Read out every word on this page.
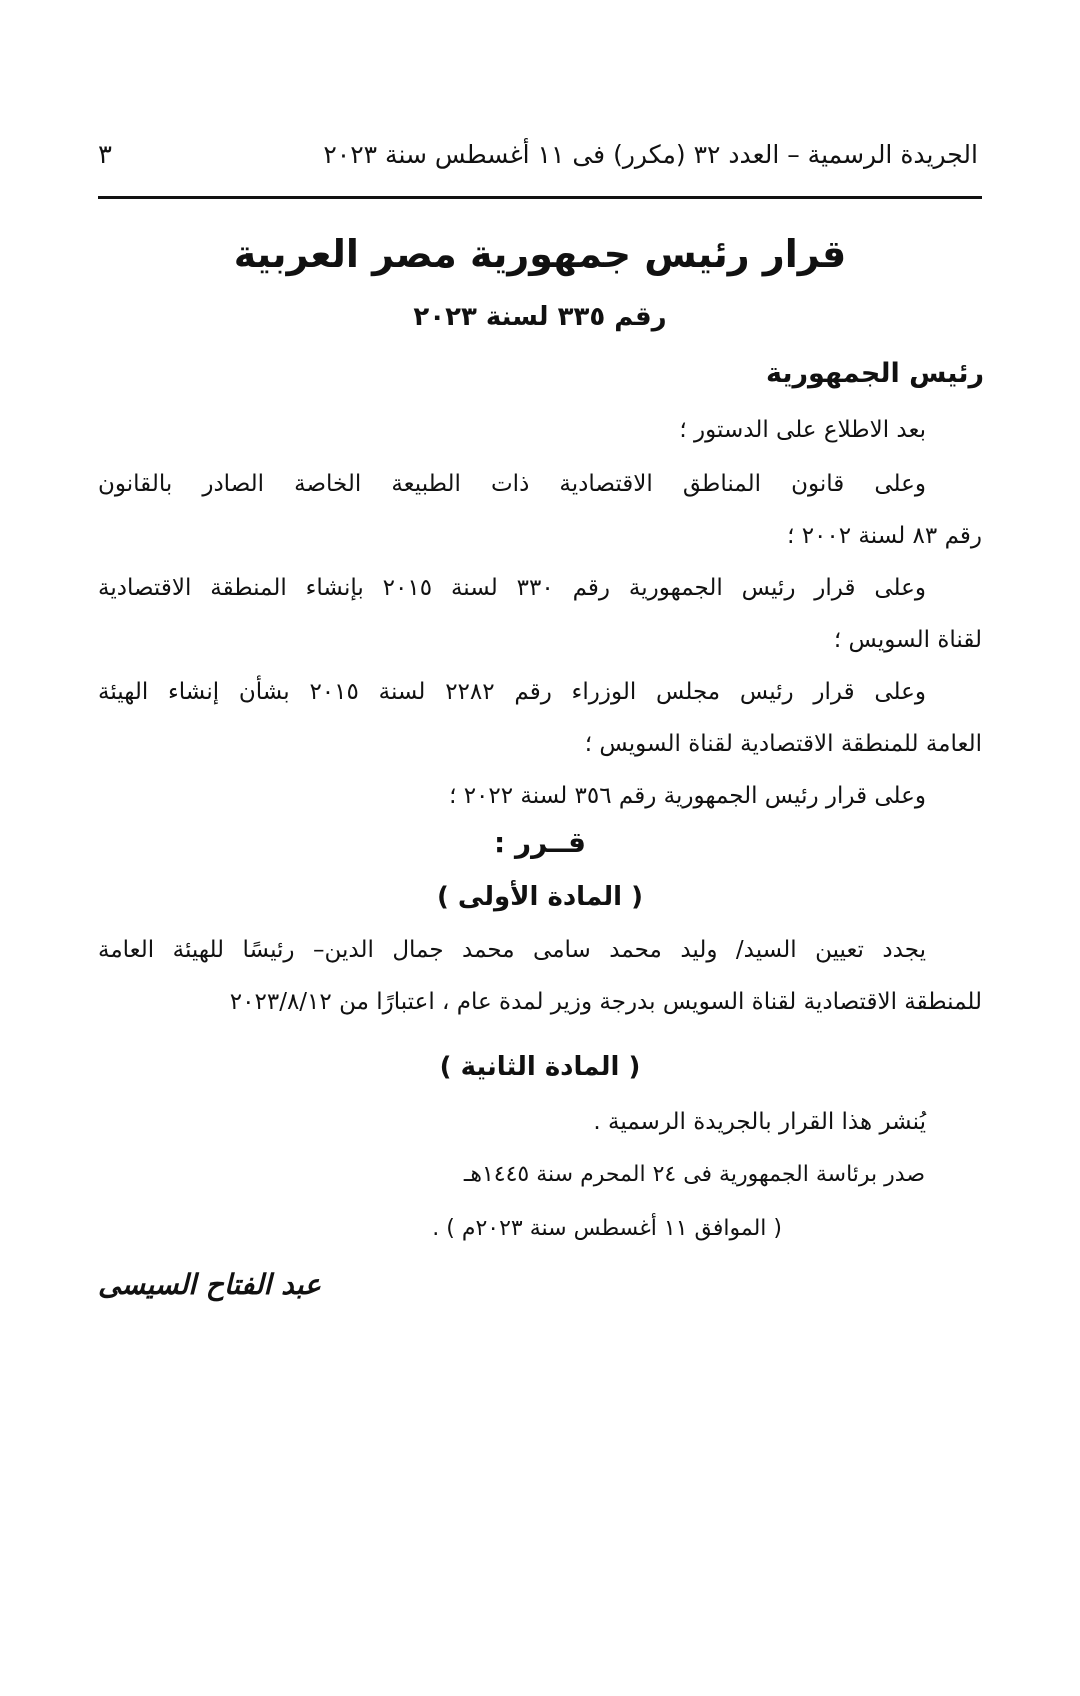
الجريدة الرسمية – العدد ٣٢ (مكرر) فى ١١ أغسطس سنة ٢٠٢٣
٣
قرار رئيس جمهورية مصر العربية
رقم ٣٣٥ لسنة ٢٠٢٣
رئيس الجمهورية

بعد الاطلاع على الدستور ؛

وعلى قانون المناطق الاقتصادية ذات الطبيعة الخاصة الصادر بالقانون

رقم ٨٣ لسنة ٢٠٠٢ ؛

وعلى قرار رئيس الجمهورية رقم ٣٣٠ لسنة ٢٠١٥ بإنشاء المنطقة الاقتصادية

لقناة السويس ؛

وعلى قرار رئيس مجلس الوزراء رقم ٢٢٨٢ لسنة ٢٠١٥ بشأن إنشاء الهيئة

العامة للمنطقة الاقتصادية لقناة السويس ؛

وعلى قرار رئيس الجمهورية رقم ٣٥٦ لسنة ٢٠٢٢ ؛

قــرر :
( المادة الأولى )

يجدد تعيين السيد/ وليد محمد سامى محمد جمال الدين– رئيسًا للهيئة العامة

للمنطقة الاقتصادية لقناة السويس بدرجة وزير لمدة عام ، اعتبارًا من ٢٠٢٣/٨/١٢

( المادة الثانية )

يُنشر هذا القرار بالجريدة الرسمية .

صدر برئاسة الجمهورية فى ٢٤ المحرم سنة ١٤٤٥هـ
( الموافق ١١ أغسطس سنة ٢٠٢٣م ) .
عبد الفتاح السيسى
